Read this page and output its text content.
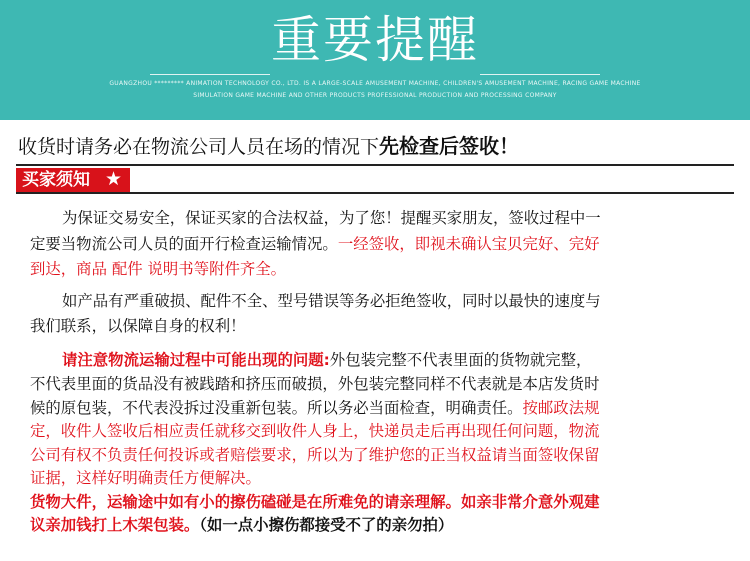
重要提醒
GUANGZHOU ********* ANIMATION TECHNOLOGY CO., LTD. IS A LARGE-SCALE AMUSEMENT MACHINE, CHILDREN'S AMUSEMENT MACHINE, RACING GAME MACHINE
SIMULATION GAME MACHINE AND OTHER PRODUCTS PROFESSIONAL PRODUCTION AND PROCESSING COMPANY
收货时请务必在物流公司人员在场的情况下先检查后签收！
买家须知 ★
为保证交易安全，保证买家的合法权益，为了您！提醒买家朋友，签收过程中一
定要当物流公司人员的面开行检查运输情况。一经签收，即视未确认宝贝完好、完好
到达，商品 配件 说明书等附件齐全。
如产品有严重破损、配件不全、型号错误等务必拒绝签收，同时以最快的速度与
我们联系，以保障自身的权利！
请注意物流运输过程中可能出现的问题:外包装完整不代表里面的货物就完整，
不代表里面的货品没有被践踏和挤压而破损，外包装完整同样不代表就是本店发货时
候的原包装，不代表没拆过没重新包装。所以务必当面检查，明确责任。按邮政法规
定，收件人签收后相应责任就移交到收件人身上，快递员走后再出现任何问题，物流
公司有权不负责任何投诉或者赔偿要求，所以为了维护您的正当权益请当面签收保留
证据，这样好明确责任方便解决。
货物大件，运输途中如有小的擦伤磕碰是在所难免的请亲理解。如亲非常介意外观建
议亲加钱打上木架包装。（如一点小擦伤都接受不了的亲勿拍）
